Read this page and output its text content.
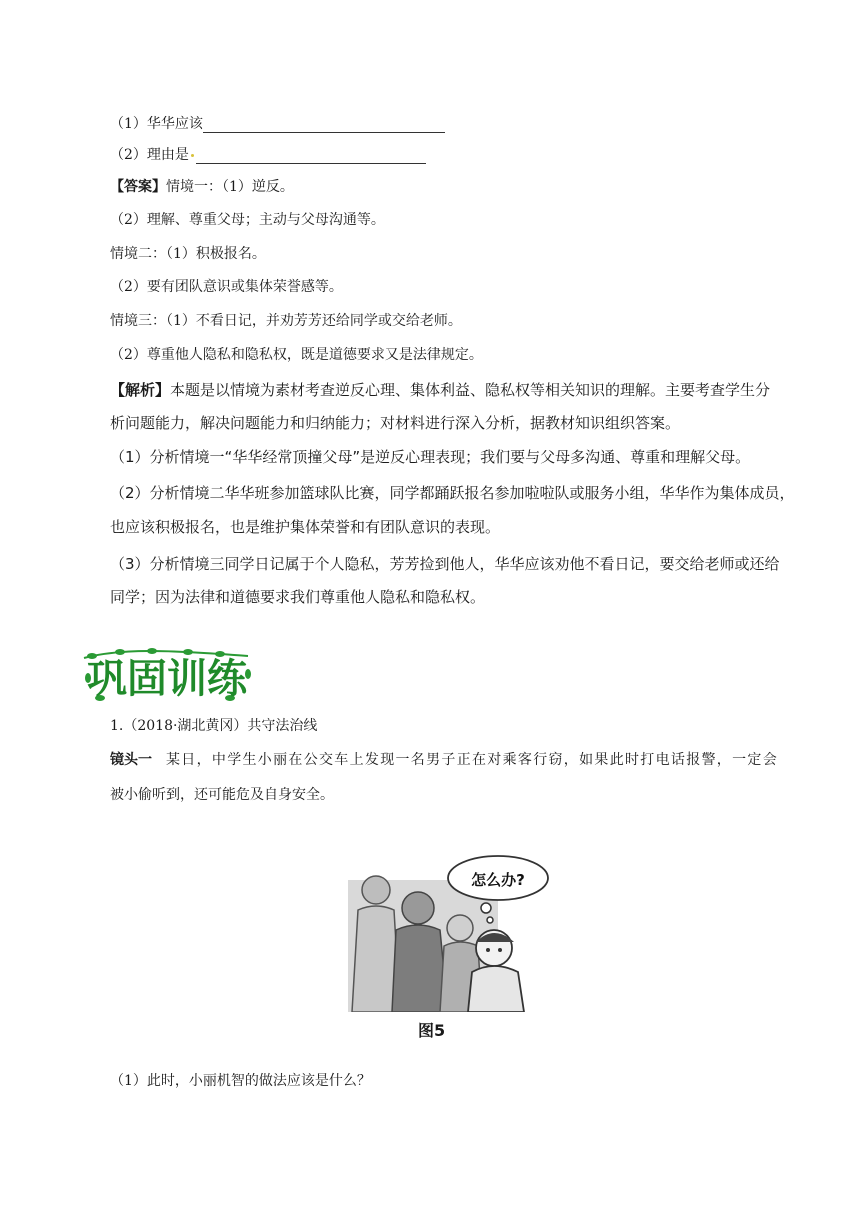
（1）华华应该
（2）理由是
【答案】情境一：（1）逆反。
（2）理解、尊重父母；主动与父母沟通等。
情境二：（1）积极报名。
（2）要有团队意识或集体荣誉感等。
情境三：（1）不看日记，并劝芳芳还给同学或交给老师。
（2）尊重他人隐私和隐私权，既是道德要求又是法律规定。
【解析】本题是以情境为素材考查逆反心理、集体利益、隐私权等相关知识的理解。主要考查学生分
析问题能力，解决问题能力和归纳能力；对材料进行深入分析，据教材知识组织答案。
（1）分析情境一“华华经常顶撞父母”是逆反心理表现；我们要与父母多沟通、尊重和理解父母。
（2）分析情境二华华班参加篮球队比赛，同学都踊跃报名参加啦啦队或服务小组，华华作为集体成员，
也应该积极报名，也是维护集体荣誉和有团队意识的表现。
（3）分析情境三同学日记属于个人隐私，芳芳捡到他人，华华应该劝他不看日记，要交给老师或还给
同学；因为法律和道德要求我们尊重他人隐私和隐私权。
巩固训练
1.（2018·湖北黄冈）共守法治线
镜头一 某日，中学生小丽在公交车上发现一名男子正在对乘客行窃，如果此时打电话报警，一定会
被小偷听到，还可能危及自身安全。
怎么办?
图5
（1）此时，小丽机智的做法应该是什么？
